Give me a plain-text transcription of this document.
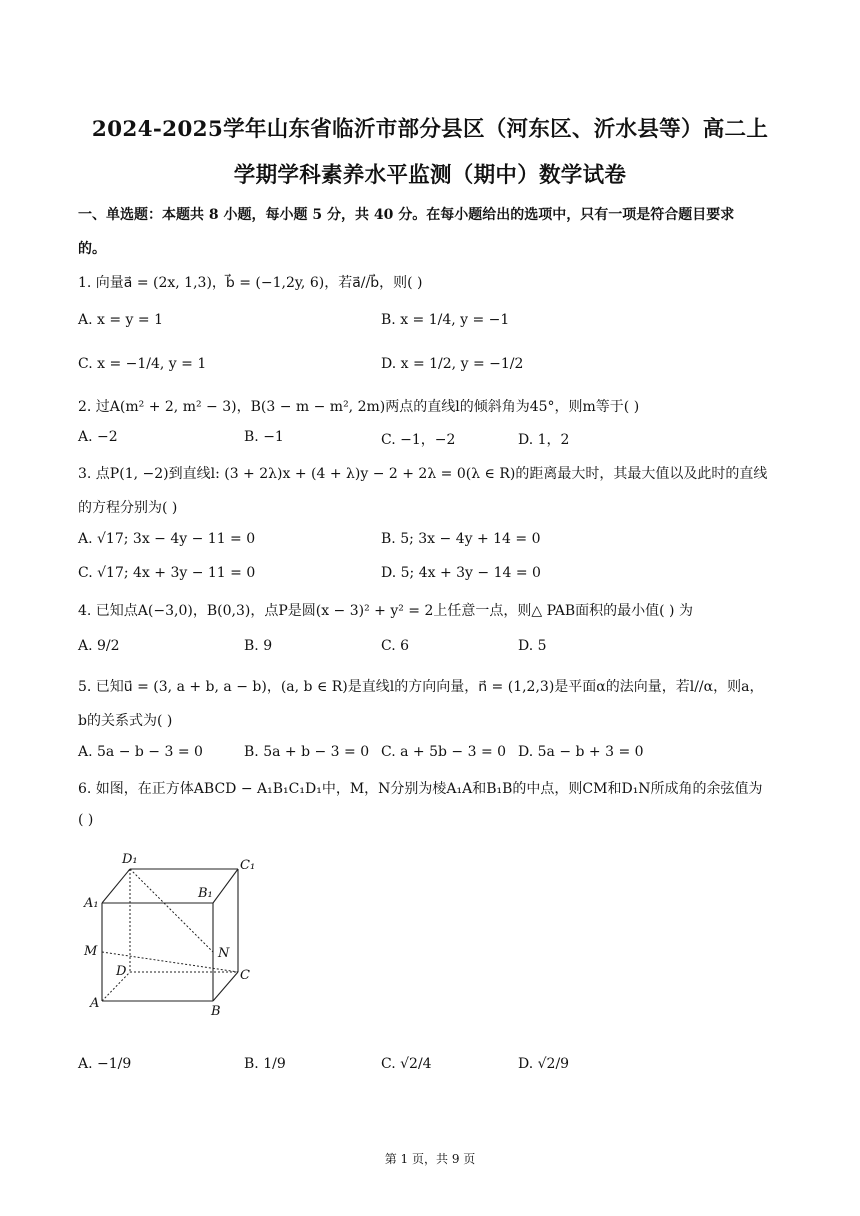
2024-2025学年山东省临沂市部分县区（河东区、沂水县等）高二上
学期学科素养水平监测（期中）数学试卷
一、单选题：本题共 8 小题，每小题 5 分，共 40 分。在每小题给出的选项中，只有一项是符合题目要求
的。
1. 向量a⃗ = (2x, 1,3)，b⃗ = (−1,2y, 6)，若a⃗//b⃗，则( )
A. x = y = 1	B. x = 1/4, y = −1
C. x = −1/4, y = 1	D. x = 1/2, y = −1/2
2. 过A(m² + 2, m² − 3)，B(3 − m − m², 2m)两点的直线l的倾斜角为45°，则m等于( )
A. −2	B. −1	C. −1，−2	D. 1，2
3. 点P(1, −2)到直线l: (3 + 2λ)x + (4 + λ)y − 2 + 2λ = 0(λ ∈ R)的距离最大时，其最大值以及此时的直线
的方程分别为( )
A. √17; 3x − 4y − 11 = 0	B. 5; 3x − 4y + 14 = 0
C. √17; 4x + 3y − 11 = 0	D. 5; 4x + 3y − 14 = 0
4. 已知点A(−3,0)，B(0,3)，点P是圆(x − 3)² + y² = 2上任意一点，则△ PAB面积的最小值( ) 为
A. 9/2	B. 9	C. 6	D. 5
5. 已知u⃗ = (3, a + b, a − b)，(a, b ∈ R)是直线l的方向向量，n⃗ = (1,2,3)是平面α的法向量，若l//α，则a，
b的关系式为( )
A. 5a − b − 3 = 0	B. 5a + b − 3 = 0 C. a + 5b − 3 = 0 D. 5a − b + 3 = 0
6. 如图，在正方体ABCD − A₁B₁C₁D₁中，M，N分别为棱A₁A和B₁B的中点，则CM和D₁N所成角的余弦值为
( )
D₁	C₁
A₁
B₁
M	N
D	C
A
B
A. −1/9	B. 1/9	C. √2/4	D. √2/9
第 1 页，共 9 页
